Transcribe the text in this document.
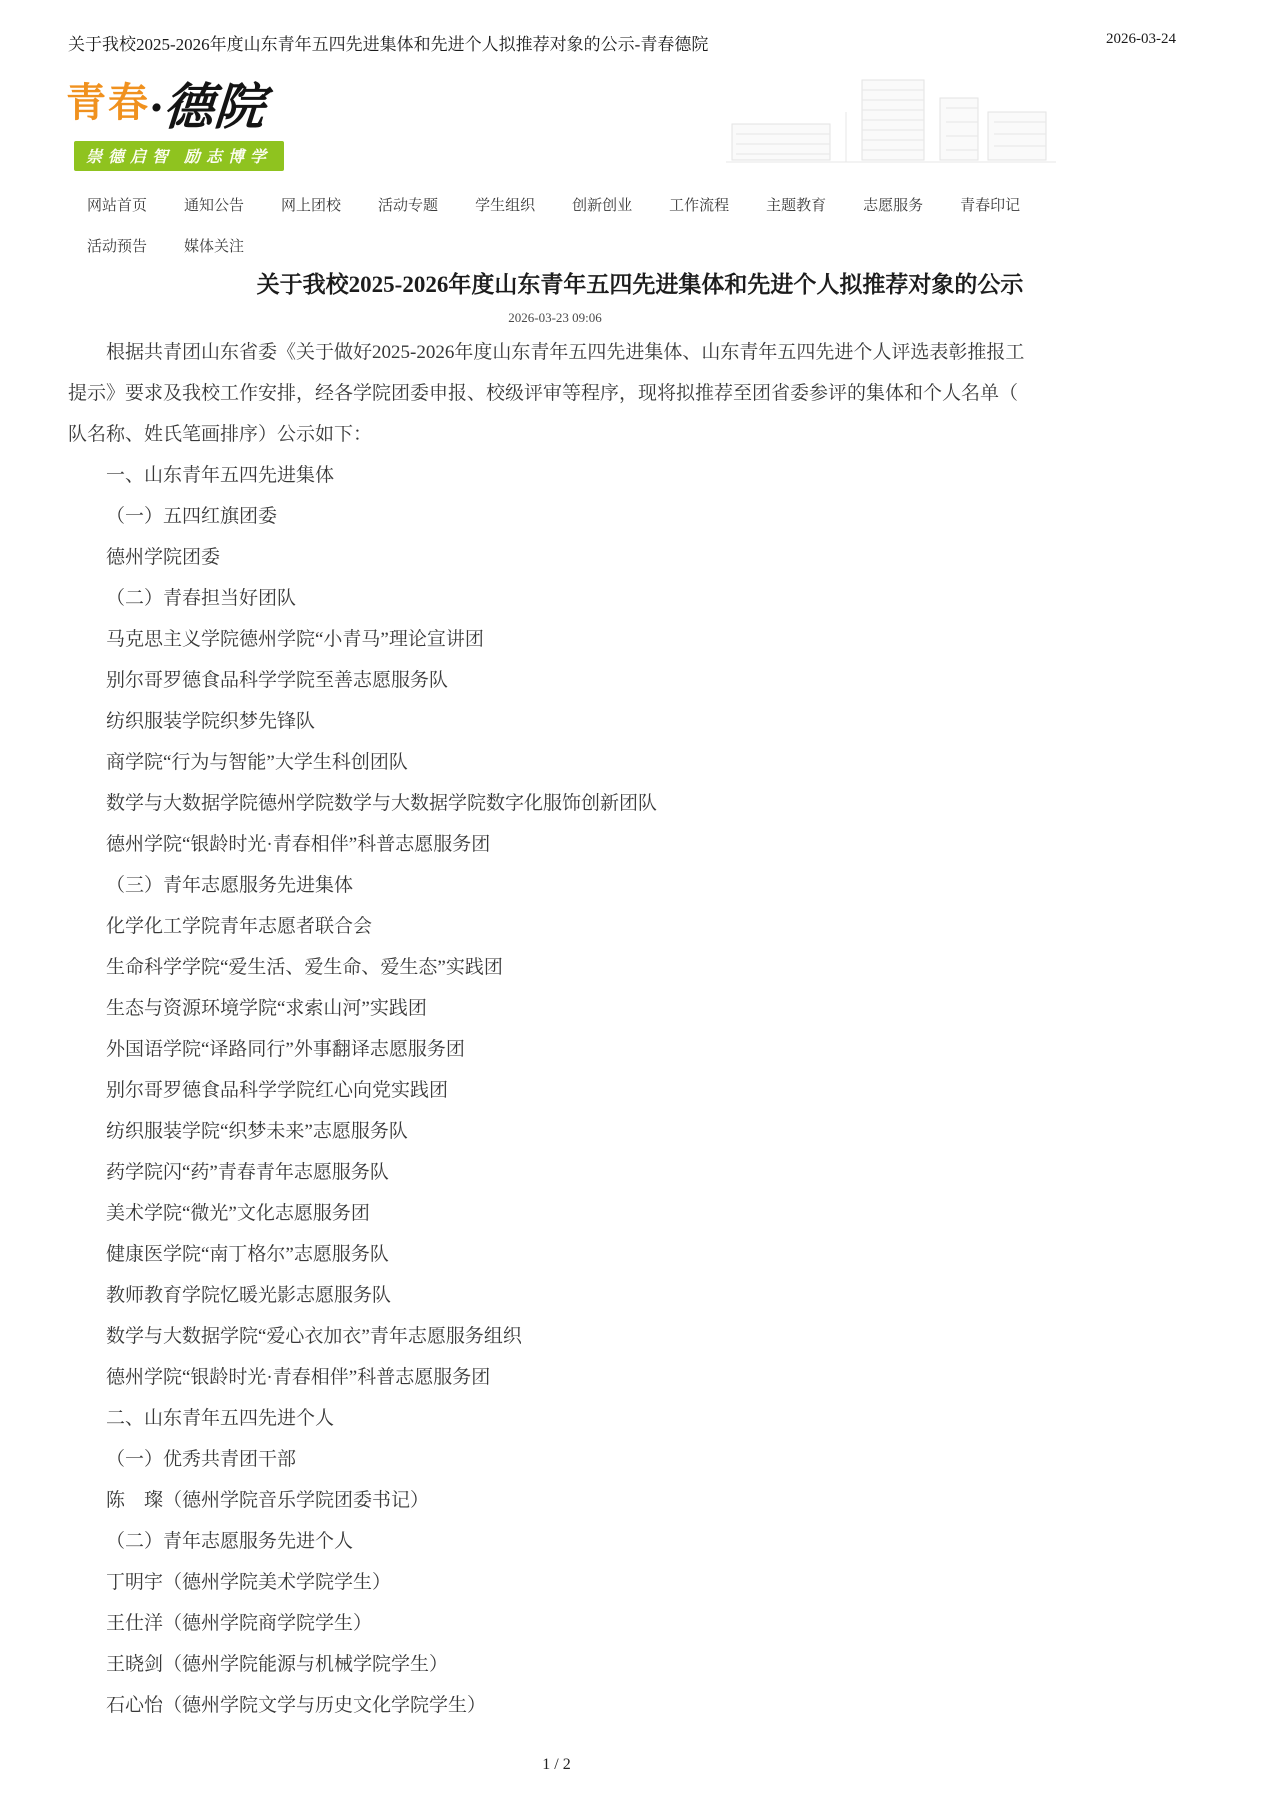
关于我校2025-2026年度山东青年五四先进集体和先进个人拟推荐对象的公示-青春德院	2026-03-24
青春·德院
崇德启智 励志博学
网站首页 通知公告 网上团校 活动专题 学生组织 创新创业 工作流程 主题教育 志愿服务 青春印记
活动预告 媒体关注
关于我校2025-2026年度山东青年五四先进集体和先进个人拟推荐对象的公示
2026-03-23 09:06
根据共青团山东省委《关于做好2025-2026年度山东青年五四先进集体、山东青年五四先进个人评选表彰推报工
提示》要求及我校工作安排，经各学院团委申报、校级评审等程序，现将拟推荐至团省委参评的集体和个人名单（
队名称、姓氏笔画排序）公示如下：
一、山东青年五四先进集体
（一）五四红旗团委
德州学院团委
（二）青春担当好团队
马克思主义学院德州学院“小青马”理论宣讲团
别尔哥罗德食品科学学院至善志愿服务队
纺织服装学院织梦先锋队
商学院“行为与智能”大学生科创团队
数学与大数据学院德州学院数学与大数据学院数字化服饰创新团队
德州学院“银龄时光·青春相伴”科普志愿服务团
（三）青年志愿服务先进集体
化学化工学院青年志愿者联合会
生命科学学院“爱生活、爱生命、爱生态”实践团
生态与资源环境学院“求索山河”实践团
外国语学院“译路同行”外事翻译志愿服务团
别尔哥罗德食品科学学院红心向党实践团
纺织服装学院“织梦未来”志愿服务队
药学院闪“药”青春青年志愿服务队
美术学院“微光”文化志愿服务团
健康医学院“南丁格尔”志愿服务队
教师教育学院忆暖光影志愿服务队
数学与大数据学院“爱心衣加衣”青年志愿服务组织
德州学院“银龄时光·青春相伴”科普志愿服务团
二、山东青年五四先进个人
（一）优秀共青团干部
陈　璨（德州学院音乐学院团委书记）
（二）青年志愿服务先进个人
丁明宇（德州学院美术学院学生）
王仕洋（德州学院商学院学生）
王晓剑（德州学院能源与机械学院学生）
石心怡（德州学院文学与历史文化学院学生）
1 / 2
